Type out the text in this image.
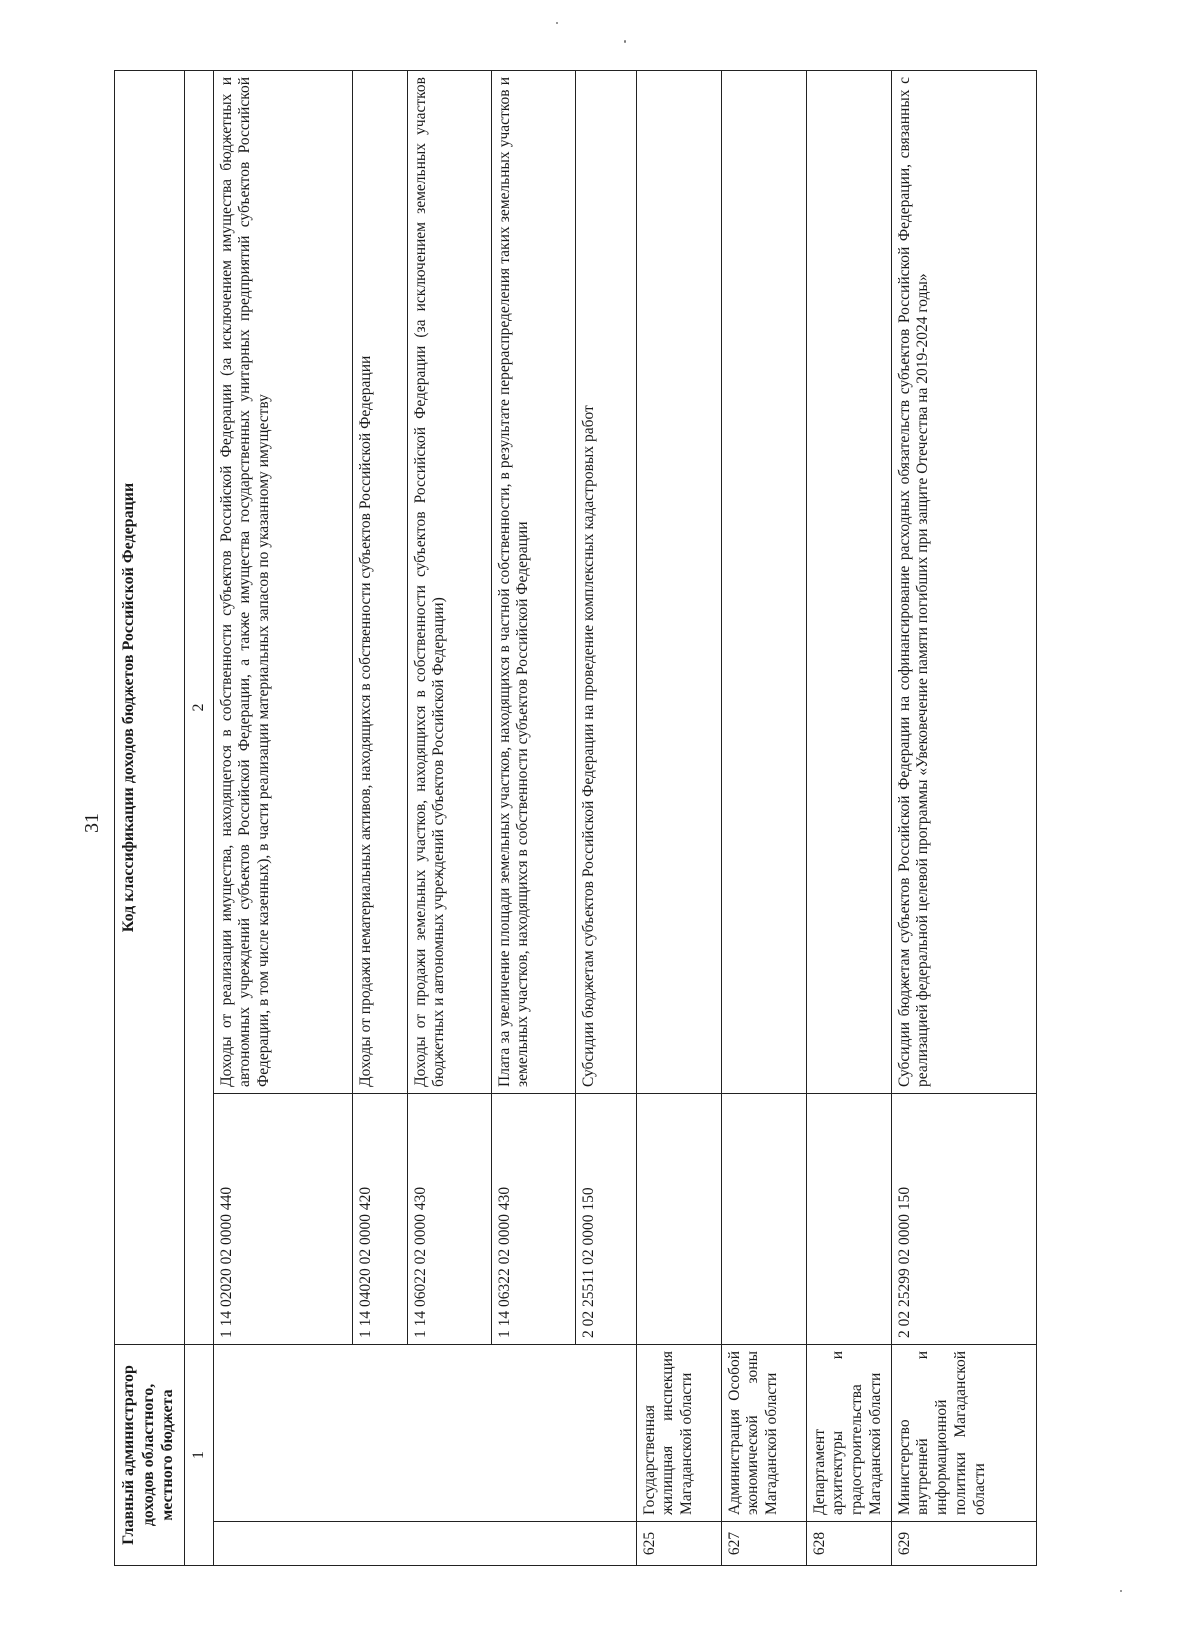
31
Главный администратор доходов областного, местного бюджета		Код классификации доходов бюджетов Российской Федерации	
1		2	
		1 14 02020 02 0000 440	Доходы от реализации имущества, находящегося в собственности субъектов Российской Федерации (за исключением имущества бюджетных и автономных учреждений субъектов Российской Федерации, а также имущества государственных унитарных предприятий субъектов Российской Федерации, в том числе казенных), в части реализации материальных запасов по указанному имуществу
		1 14 04020 02 0000 420	Доходы от продажи нематериальных активов, находящихся в собственности субъектов Российской Федерации
		1 14 06022 02 0000 430	Доходы от продажи земельных участков, находящихся в собственности субъектов Российской Федерации (за исключением земельных участков бюджетных и автономных учреждений субъектов Российской Федерации)
		1 14 06322 02 0000 430	Плата за увеличение площади земельных участков, находящихся в частной собственности, в результате перераспределения таких земельных участков и земельных участков, находящихся в собственности субъектов Российской Федерации
		2 02 25511 02 0000 150	Субсидии бюджетам субъектов Российской Федерации на проведение комплексных кадастровых работ
625	Государственная жилищная инспекция Магаданской области		
627	Администрация Особой экономической зоны Магаданской области		
628	Департамент архитектуры и градостроительства Магаданской области		
629	Министерство внутренней и информационной политики Магаданской области	2 02 25299 02 0000 150	Субсидии бюджетам субъектов Российской Федерации на софинансирование расходных обязательств субъектов Российской Федерации, связанных с реализацией федеральной целевой программы «Увековечение памяти погибших при защите Отечества на 2019-2024 годы»
